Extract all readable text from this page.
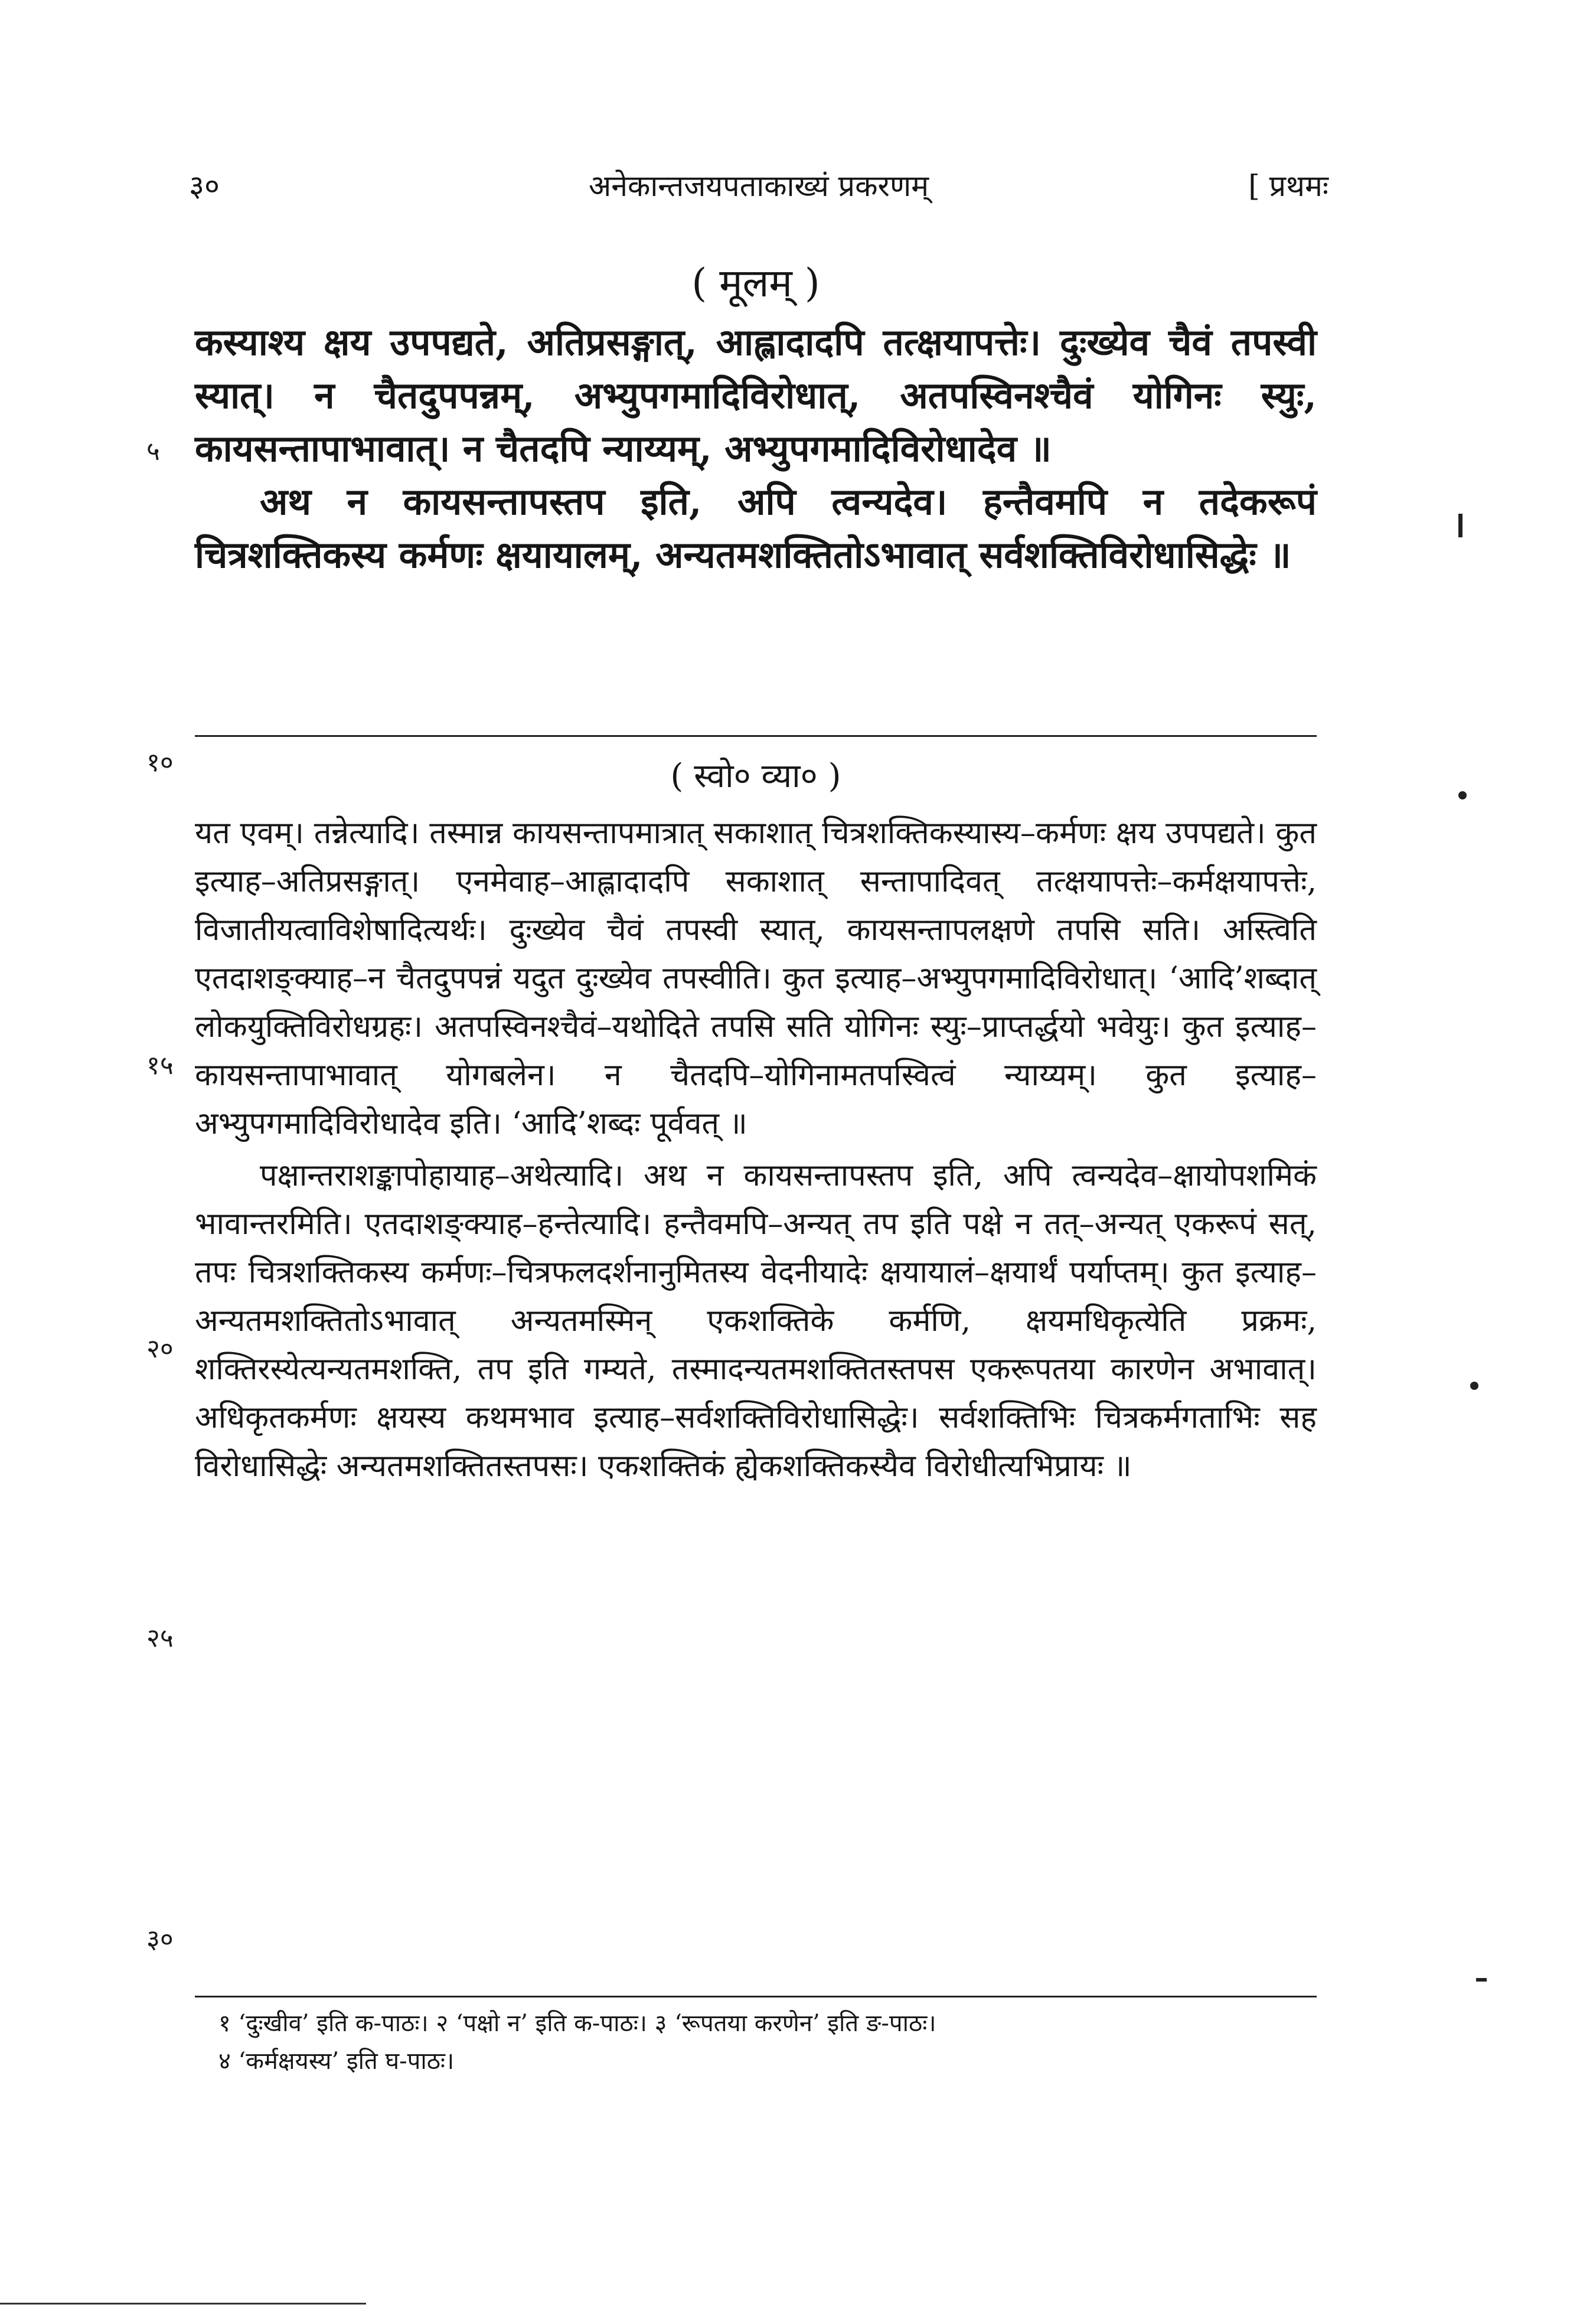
३०	अनेकान्तजयपताकाख्यं प्रकरणम्	[ प्रथमः
( मूलम् )

कस्याश्य क्षय उपपद्यते, अतिप्रसङ्गात्, आह्लादादपि तत्क्षयापत्तेः। दुःख्येव चैवं तपस्वी स्यात्। न चैतदुपपन्नम्, अभ्युपगमादिविरोधात्, अतपस्विनश्चैवं योगिनः स्युः, कायसन्तापाभावात्। न चैतदपि न्याय्यम्, अभ्युपगमादिविरोधादेव ॥

अथ न कायसन्तापस्तप इति, अपि त्वन्यदेव। हन्तैवमपि न तदेकरूपं चित्रशक्तिकस्य कर्मणः क्षयायालम्, अन्यतमशक्तितोऽभावात् सर्वशक्तिविरोधासिद्धेः ॥

( स्वो० व्या० )

यत एवम्। तन्नेत्यादि। तस्मान्न कायसन्तापमात्रात् सकाशात् चित्रशक्तिकस्यास्य–कर्मणः क्षय उपपद्यते। कुत इत्याह–अतिप्रसङ्गात्। एनमेवाह–आह्लादादपि सकाशात् सन्तापादिवत् तत्क्षयापत्तेः–कर्मक्षयापत्तेः, विजातीयत्वाविशेषादित्यर्थः। दुःख्येव चैवं तपस्वी स्यात्, कायसन्तापलक्षणे तपसि सति। अस्त्विति एतदाशङ्क्याह–न चैतदुपपन्नं यदुत दुःख्येव तपस्वीति। कुत इत्याह–अभ्युपगमादिविरोधात्। ‘आदि’शब्दात् लोकयुक्तिविरोधग्रहः। अतपस्विनश्चैवं–यथोदिते तपसि सति योगिनः स्युः–प्राप्तर्द्धयो भवेयुः। कुत इत्याह–कायसन्तापाभावात् योगबलेन। न चैतदपि–योगिनामतपस्वित्वं न्याय्यम्। कुत इत्याह–अभ्युपगमादिविरोधादेव इति। ‘आदि’शब्दः पूर्ववत् ॥

पक्षान्तराशङ्कापोहायाह–अथेत्यादि। अथ न कायसन्तापस्तप इति, अपि त्वन्यदेव–क्षायोपशमिकं भावान्तरमिति। एतदाशङ्क्याह–हन्तेत्यादि। हन्तैवमपि–अन्यत् तप इति पक्षे न तत्–अन्यत् एकरूपं सत्, तपः चित्रशक्तिकस्य कर्मणः–चित्रफलदर्शनानुमितस्य वेदनीयादेः क्षयायालं–क्षयार्थं पर्याप्तम्। कुत इत्याह–अन्यतमशक्तितोऽभावात् अन्यतमस्मिन् एकशक्तिके कर्मणि, क्षयमधिकृत्येति प्रक्रमः, शक्तिरस्येत्यन्यतमशक्ति, तप इति गम्यते, तस्मादन्यतमशक्तितस्तपस एकरूपतया कारणेन अभावात्। अधिकृतकर्मणः क्षयस्य कथमभाव इत्याह–सर्वशक्तिविरोधासिद्धेः। सर्वशक्तिभिः चित्रकर्मगताभिः सह विरोधासिद्धेः अन्यतमशक्तितस्तपसः। एकशक्तिकं ह्येकशक्तिकस्यैव विरोधीत्यभिप्रायः ॥

५
१०
१५
२०
२५
३०

१ ‘दुःखीव’ इति क-पाठः। २ ‘पक्षो न’ इति क-पाठः। ३ ‘रूपतया करणेन’ इति ङ-पाठः।

४ ‘कर्मक्षयस्य’ इति घ-पाठः।
